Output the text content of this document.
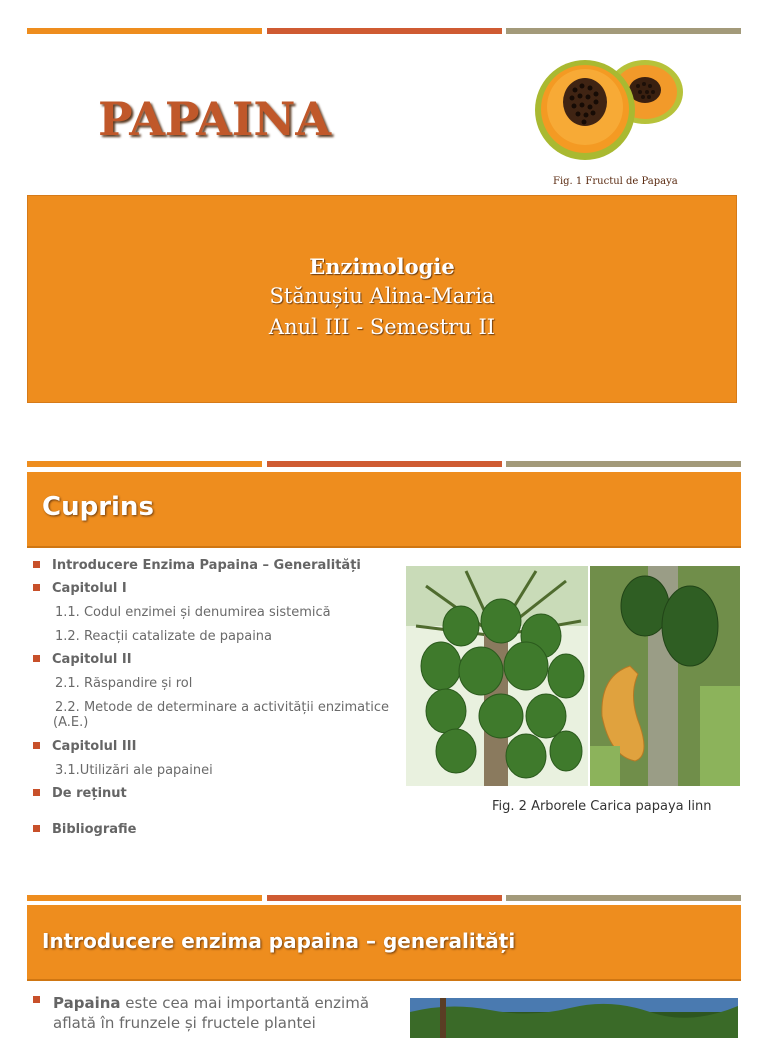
PAPAINA
Fig. 1 Fructul de Papaya
Enzimologie
Stănușiu Alina-Maria
Anul III - Semestru II
Cuprins
Introducere Enzima Papaina – Generalități
Capitolul I
1.1. Codul enzimei și denumirea sistemică
1.2. Reacții catalizate de papaina
Capitolul II
2.1. Răspandire și rol
2.2. Metode de determinare a activității enzimatice
(A.E.)
Capitolul III
3.1.Utilizări ale papainei
De reținut
Bibliografie
Fig. 2 Arborele Carica papaya linn
Introducere enzima papaina – generalități
Papaina este cea mai importantă enzimă
aflată în frunzele și fructele plantei
